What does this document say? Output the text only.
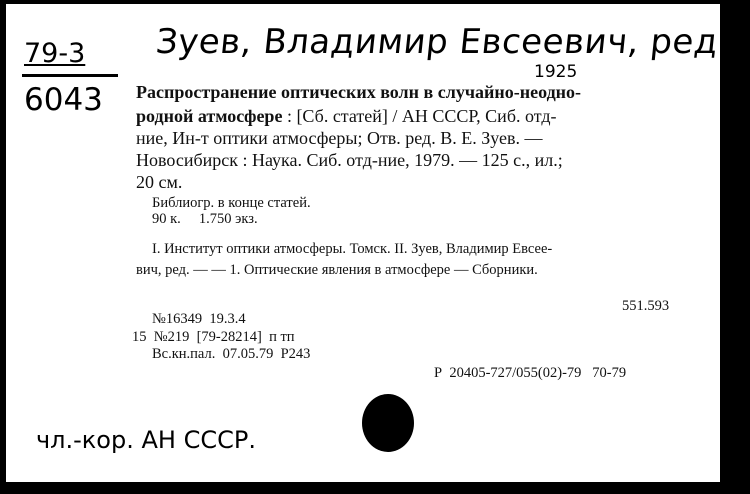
Зуев, Владимир Евсеевич, ред.
1925
79-3
6043 Распространение оптических волн в случайно-неодно-
родной атмосфере : [Сб. статей] / АН СССР, Сиб. отд-
ние, Ин-т оптики атмосферы; Отв. ред. В. Е. Зуев. —
Новосибирск : Наука. Сиб. отд-ние, 1979. — 125 с., ил.;
20 см.
Библиогр. в конце статей.
90 к.     1.750 экз.
I. Институт оптики атмосферы. Томск. II. Зуев, Владимир Евсее-
вич, ред. — — 1. Оптические явления в атмосфере — Сборники.
551.593
№16349  19.3.4
15  №219  [79-28214]  п тп
Вс.кн.пал.  07.05.79  Р243
Р  20405-727/055(02)-79   70-79
чл.-кор. АН СССР.
